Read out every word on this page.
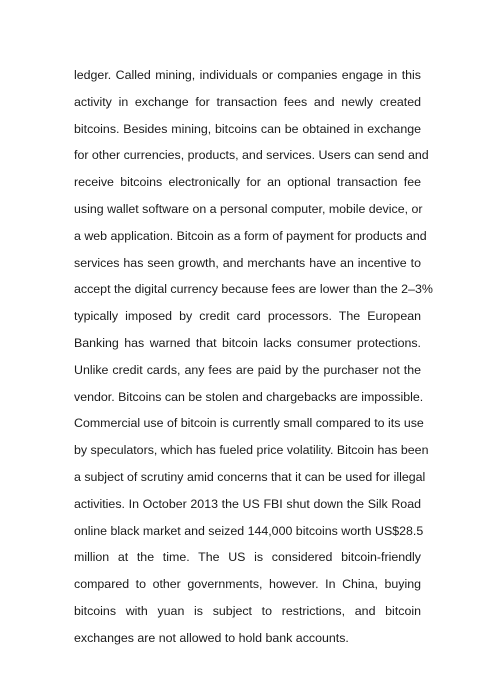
ledger. Called mining, individuals or companies engage in this
activity in exchange for transaction fees and newly created
bitcoins. Besides mining, bitcoins can be obtained in exchange
for other currencies, products, and services. Users can send and
receive bitcoins electronically for an optional transaction fee
using wallet software on a personal computer, mobile device, or
a web application. Bitcoin as a form of payment for products and
services has seen growth, and merchants have an incentive to
accept the digital currency because fees are lower than the 2–3%
typically imposed by credit card processors. The European
Banking has warned that bitcoin lacks consumer protections.
Unlike credit cards, any fees are paid by the purchaser not the
vendor. Bitcoins can be stolen and chargebacks are impossible.
Commercial use of bitcoin is currently small compared to its use
by speculators, which has fueled price volatility. Bitcoin has been
a subject of scrutiny amid concerns that it can be used for illegal
activities. In October 2013 the US FBI shut down the Silk Road
online black market and seized 144,000 bitcoins worth US$28.5
million at the time. The US is considered bitcoin-friendly
compared to other governments, however. In China, buying
bitcoins with yuan is subject to restrictions, and bitcoin
exchanges are not allowed to hold bank accounts.
